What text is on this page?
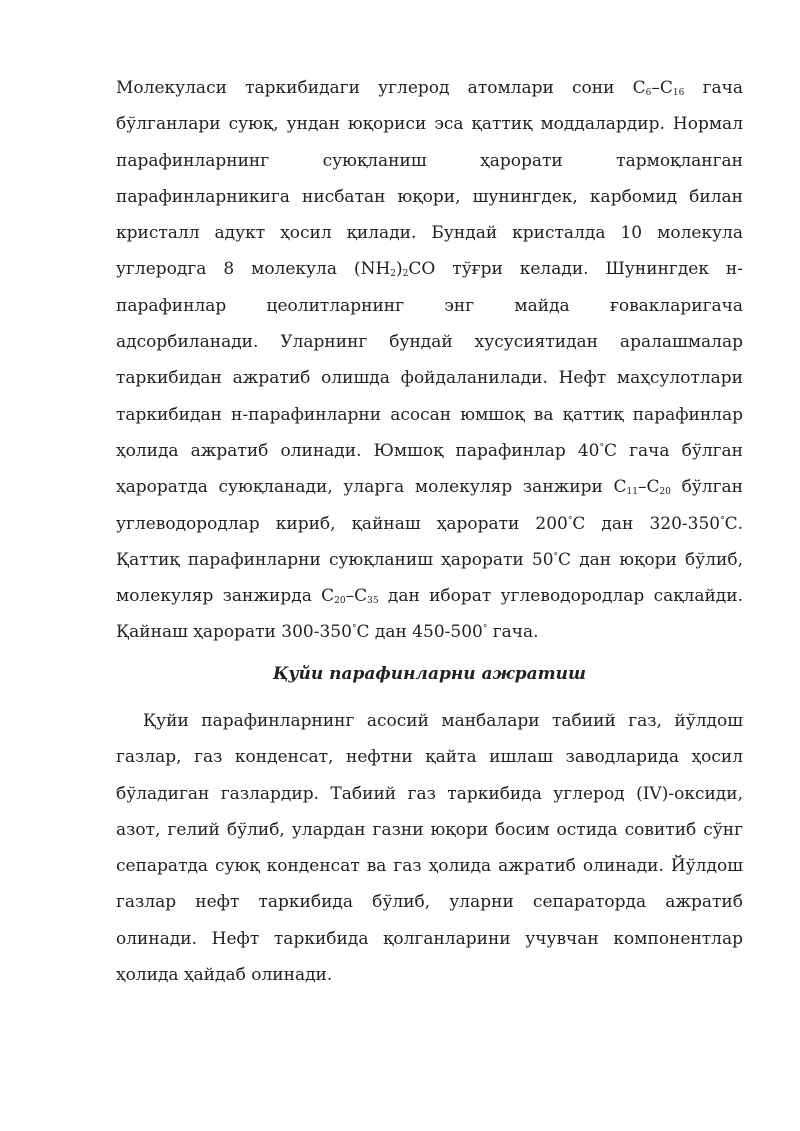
Молекуласи таркибидаги углерод атомлари сони $C_6-C_{16}$ гача бўлганлари суюқ, ундан юқориси эса қаттиқ моддалардир. Нормал парафинларнинг суюқланиш ҳарорати тармоқланган парафинларникига нисбатан юқори, шунингдек, карбомид билан кристалл адукт ҳосил қилади. Бундай кристалда 10 молекула углеродга 8 молекула $(NH_2)_2CO$ тўғри келади. Шунингдек н-парафинлар цеолитларнинг энг майда ғовакларигача адсорбиланади. Уларнинг бундай хусусиятидан аралашмалар таркибидан ажратиб олишда фойдаланилади. Нефт маҳсулотлари таркибидан н-парафинларни асосан юмшоқ ва қаттиқ парафинлар ҳолида ажратиб олинади. Юмшоқ парафинлар 40°С гача бўлган ҳароратда суюқланади, уларга молекуляр занжири $С_{11}-С_{20}$ бўлган углеводородлар кириб, қайнаш ҳарорати 200°С дан 320-350°С. Қаттиқ парафинларни суюқланиш ҳарорати 50°С дан юқори бўлиб, молекуляр занжирда $С_{20}-С_{35}$ дан иборат углеводородлар сақлайди. Қайнаш ҳарорати 300-350°С дан 450-500° гача.

Қуйи парафинларни ажратиш

Қуйи парафинларнинг асосий манбалари табиий газ, йўлдош газлар, газ конденсат, нефтни қайта ишлаш заводларида ҳосил бўладиган газлардир. Табиий газ таркибида углерод (IV)-оксиди, азот, гелий бўлиб, улардан газни юқори босим остида совитиб сўнг сепаратда суюқ конденсат ва газ ҳолида ажратиб олинади. Йўлдош газлар нефт таркибида бўлиб, уларни сепараторда ажратиб олинади. Нефт таркибида қолганларини учувчан компонентлар ҳолида ҳайдаб олинади.
